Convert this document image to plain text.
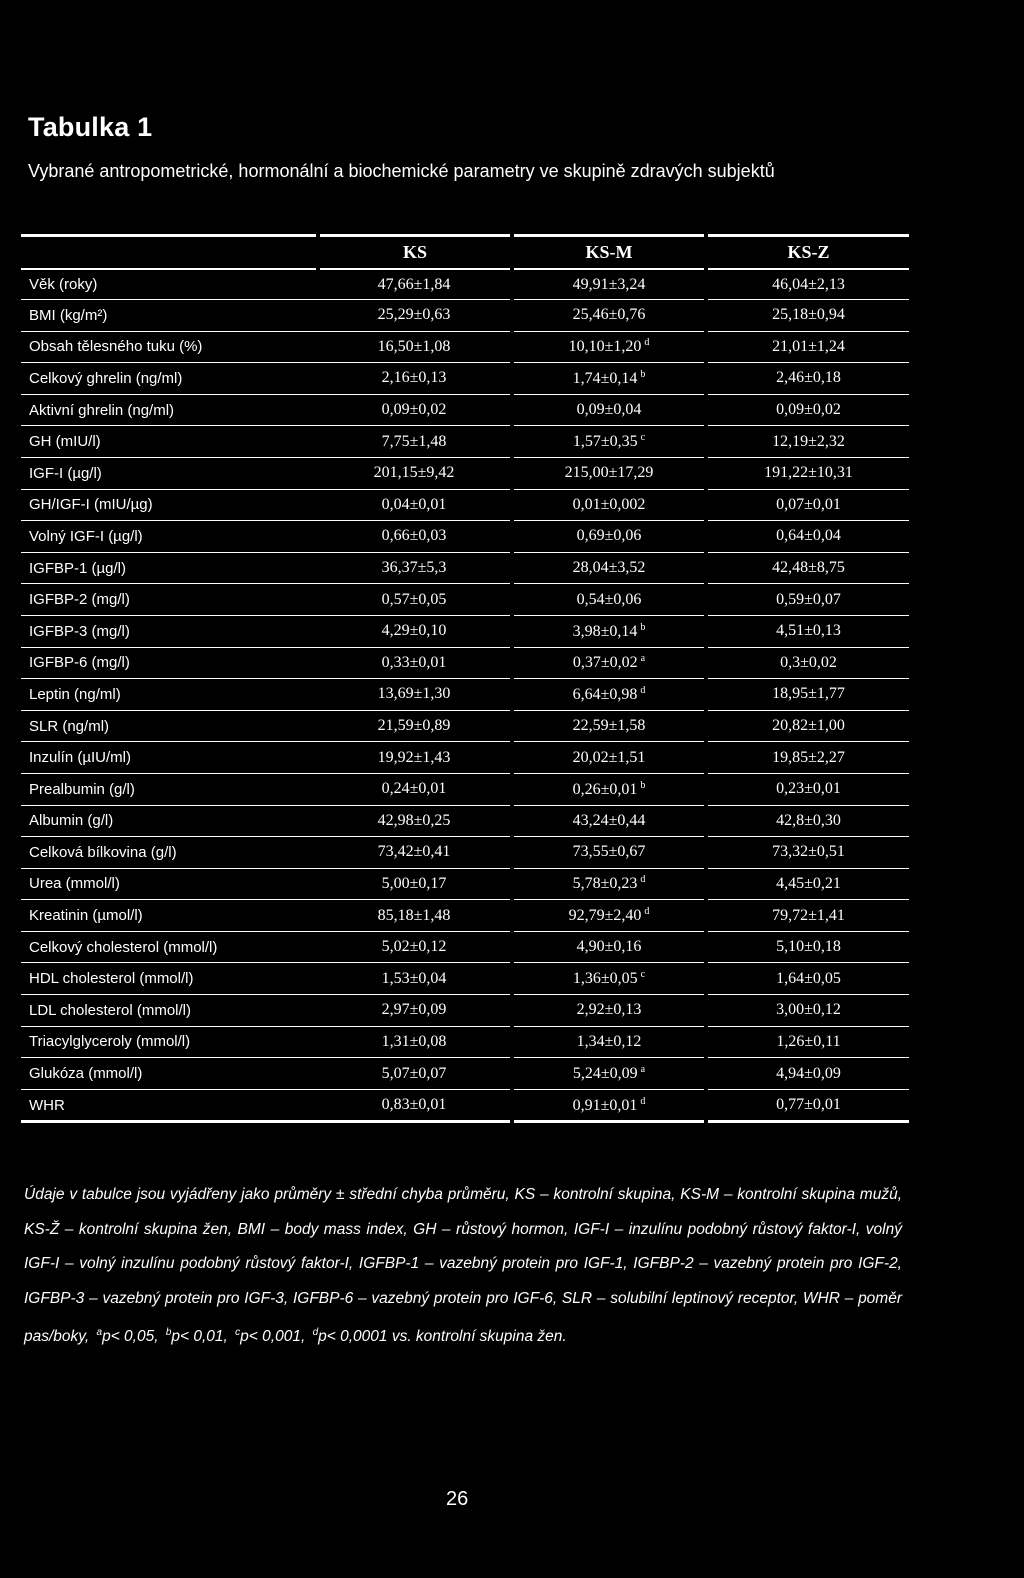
Tabulka 1
Vybrané antropometrické, hormonální a biochemické parametry ve skupině zdravých subjektů
	KS	KS-M	KS-Z
Věk (roky)	47,66±1,84	49,91±3,24	46,04±2,13
BMI (kg/m²)	25,29±0,63	25,46±0,76	25,18±0,94
Obsah tělesného tuku (%)	16,50±1,08	10,10±1,20 $^d$	21,01±1,24
Celkový ghrelin (ng/ml)	2,16±0,13	1,74±0,14 $^b$	2,46±0,18
Aktivní ghrelin (ng/ml)	0,09±0,02	0,09±0,04	0,09±0,02
GH (mIU/l)	7,75±1,48	1,57±0,35 $^c$	12,19±2,32
IGF-I (µg/l)	201,15±9,42	215,00±17,29	191,22±10,31
GH/IGF-I (mIU/µg)	0,04±0,01	0,01±0,002	0,07±0,01
Volný IGF-I (µg/l)	0,66±0,03	0,69±0,06	0,64±0,04
IGFBP-1 (µg/l)	36,37±5,3	28,04±3,52	42,48±8,75
IGFBP-2 (mg/l)	0,57±0,05	0,54±0,06	0,59±0,07
IGFBP-3 (mg/l)	4,29±0,10	3,98±0,14 $^b$	4,51±0,13
IGFBP-6 (mg/l)	0,33±0,01	0,37±0,02 $^a$	0,3±0,02
Leptin (ng/ml)	13,69±1,30	6,64±0,98 $^d$	18,95±1,77
SLR (ng/ml)	21,59±0,89	22,59±1,58	20,82±1,00
Inzulín (µIU/ml)	19,92±1,43	20,02±1,51	19,85±2,27
Prealbumin (g/l)	0,24±0,01	0,26±0,01 $^b$	0,23±0,01
Albumin (g/l)	42,98±0,25	43,24±0,44	42,8±0,30
Celková bílkovina (g/l)	73,42±0,41	73,55±0,67	73,32±0,51
Urea (mmol/l)	5,00±0,17	5,78±0,23 $^d$	4,45±0,21
Kreatinin (µmol/l)	85,18±1,48	92,79±2,40 $^d$	79,72±1,41
Celkový cholesterol (mmol/l)	5,02±0,12	4,90±0,16	5,10±0,18
HDL cholesterol (mmol/l)	1,53±0,04	1,36±0,05 $^c$	1,64±0,05
LDL cholesterol (mmol/l)	2,97±0,09	2,92±0,13	3,00±0,12
Triacylglyceroly (mmol/l)	1,31±0,08	1,34±0,12	1,26±0,11
Glukóza (mmol/l)	5,07±0,07	5,24±0,09 $^a$	4,94±0,09
WHR	0,83±0,01	0,91±0,01 $^d$	0,77±0,01
Údaje v tabulce jsou vyjádřeny jako průměry ± střední chyba průměru, KS – kontrolní skupina, KS-M – kontrolní skupina mužů, KS-Ž – kontrolní skupina žen, BMI – body mass index, GH – růstový hormon, IGF-I – inzulínu podobný růstový faktor-I, volný IGF-I – volný inzulínu podobný růstový faktor-I, IGFBP-1 – vazebný protein pro IGF-1, IGFBP-2 – vazebný protein pro IGF-2, IGFBP-3 – vazebný protein pro IGF-3, IGFBP-6 – vazebný protein pro IGF-6, SLR – solubilní leptinový receptor, WHR – poměr pas/boky, $^a$p< 0,05, $^b$p< 0,01, $^c$p< 0,001, $^d$p< 0,0001 vs. kontrolní skupina žen.
26
